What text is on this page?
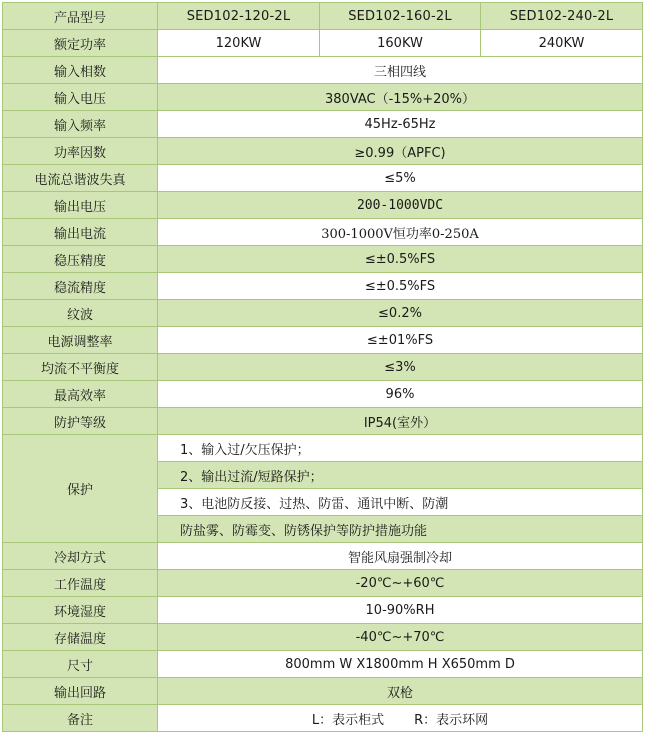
产品型号	SED102-120-2L	SED102-160-2L	SED102-240-2L
额定功率	120KW	160KW	240KW
输入相数	三相四线		
输入电压	380VAC（-15%+20%）		
输入频率	45Hz-65Hz		
功率因数	≥0.99（APFC)		
电流总谐波失真	≤5%		
输出电压	200-1000VDC		
输出电流	300-1000V恒功率0-250A		
稳压精度	≤±0.5%FS		
稳流精度	≤±0.5%FS		
纹波	≤0.2%		
电源调整率	≤±01%FS		
均流不平衡度	≤3%		
最高效率	96%		
防护等级	IP54(室外）		
保护	1、输入过/欠压保护；		
	2、输出过流/短路保护；		
	3、电池防反接、过热、防雷、通讯中断、防潮		
	防盐雾、防霉变、防锈保护等防护措施功能		
冷却方式	智能风扇强制冷却		
工作温度	-20℃~+60℃		
环境湿度	10-90%RH		
存储温度	-40℃~+70℃		
尺寸	800mm W X1800mm H X650mm D		
输出回路	双枪		
备注	L：表示柜式 R：表示环网		
